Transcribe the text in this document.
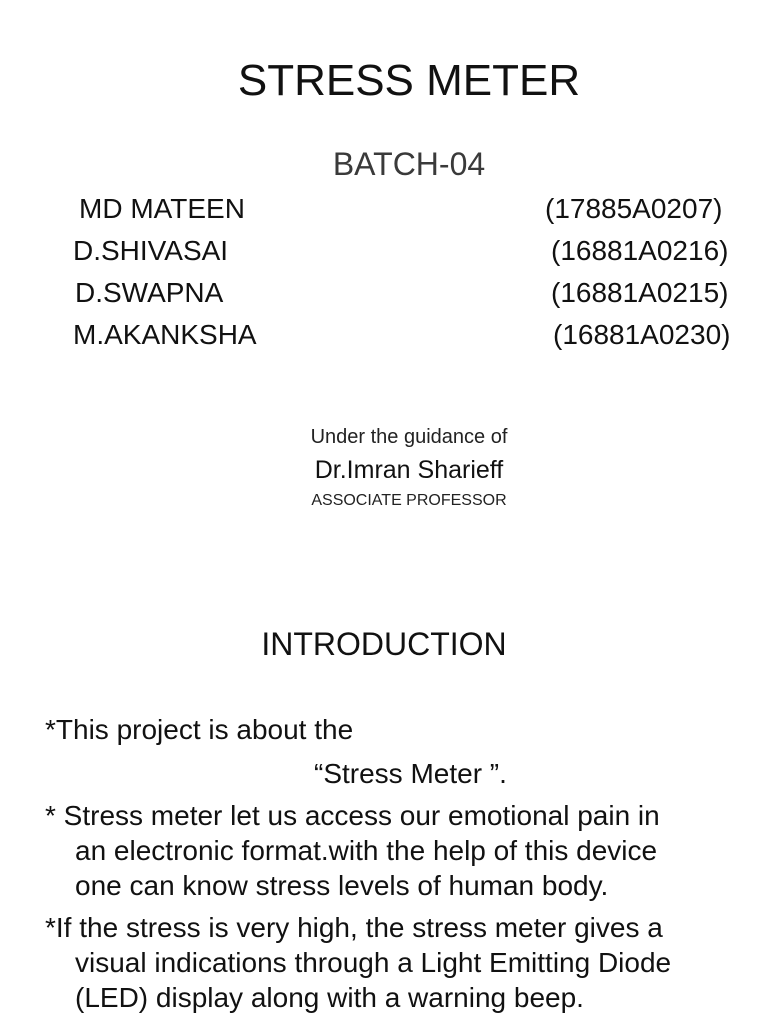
STRESS METER
BATCH-04
MD MATEEN	(17885A0207)
D.SHIVASAI	(16881A0216)
D.SWAPNA	(16881A0215)
M.AKANKSHA	(16881A0230)
Under the guidance of
Dr.Imran Sharieff
ASSOCIATE PROFESSOR
INTRODUCTION
*This project is about the
“Stress Meter ”.
* Stress meter let us access our emotional pain in
an electronic format.with the help of this device
one can know stress levels of human body.
*If the stress is very high, the stress meter gives a
visual indications through a Light Emitting Diode
(LED) display along with a warning beep.
